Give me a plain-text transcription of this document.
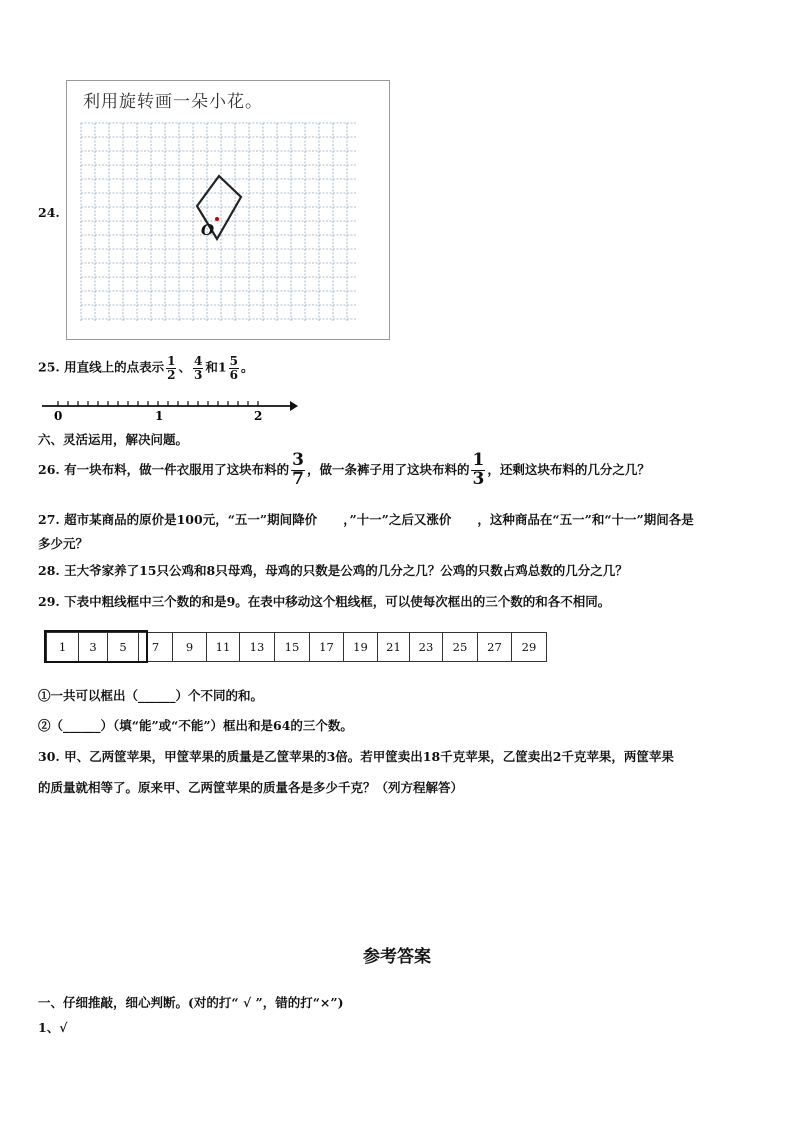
24.
利用旋转画一朵小花。
O
25. 用直线上的点表示 $\frac{1}{2}$ 、 $\frac{4}{3}$ 和$1 \frac{5}{6}$ 。
0	1	2
六、灵活运用，解决问题。
26. 有一块布料，做一件衣服用了这块布料的 $\frac{3}{7}$ ，做一条裤子用了这块布料的 $\frac{1}{3}$ ，还剩这块布料的几分之几？
27. 超市某商品的原价是100元，“五一”期间降价      ，”十一”之后又涨价      ，这种商品在“五一”和“十一”期间各是
多少元？
28. 王大爷家养了15只公鸡和8只母鸡，母鸡的只数是公鸡的几分之几？公鸡的只数占鸡总数的几分之几？
29. 下表中粗线框中三个数的和是9。在表中移动这个粗线框，可以使每次框出的三个数的和各不相同。
1	3	5	7	9	11	13	15	17	19	21	23	25	27	29
①一共可以框出（______）个不同的和。
②（______）（填“能”或“不能”）框出和是64的三个数。
30. 甲、乙两筐苹果，甲筐苹果的质量是乙筐苹果的3倍。若甲筐卖出18千克苹果，乙筐卖出2千克苹果，两筐苹果
的质量就相等了。原来甲、乙两筐苹果的质量各是多少千克？（列方程解答）
参考答案
一、仔细推敲，细心判断。(对的打“ √ ”，错的打“×”)
1、√
